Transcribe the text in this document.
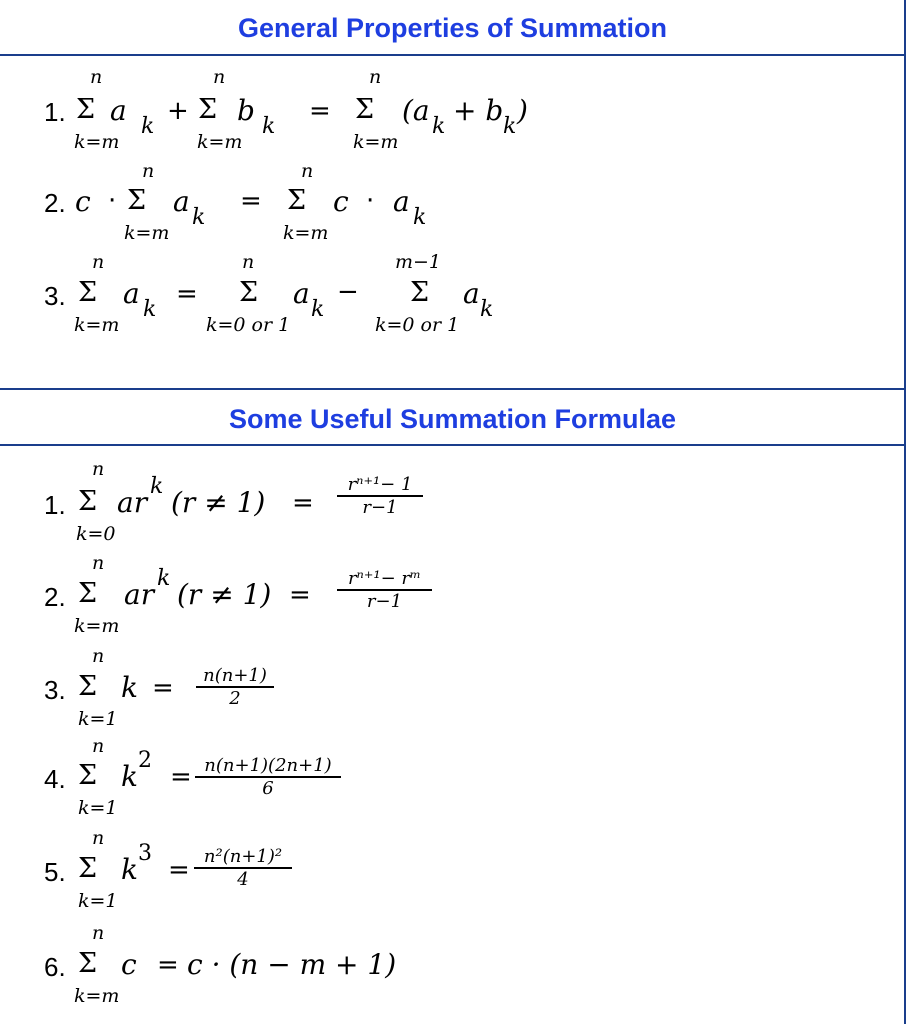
General Properties of Summation
1.
n
Σ
k=m
a k
+
n
Σ
k=m
b k
=
n
Σ
k=m
(a k + b k )
2. c ·
n
Σ
k=m
a k
=
n
Σ
k=m
c · a k
3.
n
Σ
k=m
a k
=
n
Σ
k=0 or 1
a k
−
m−1
Σ
k=0 or 1
a k
Some Useful Summation Formulae
1.
n
Σ
k=0
ar k $(r \ne 1) = \frac{\text{rⁿ⁺¹− 1}}{r-1}$
2.
n
Σ
k=m
ar k $(r \ne 1) = \frac{\text{rⁿ⁺¹− rᵐ}}{r-1}$
3.
n
Σ
k=1
$k = \frac{n(n+1)}{2}$
4.
n
Σ
k=1
k 2
= $\frac{n(n+1)(2n+1)}{6}$
5.
n
Σ
k=1
k 3
= $\frac{\text{n²(n+1)²}}{4}$
6.
n
Σ
k=m
c = c · (n − m + 1)
